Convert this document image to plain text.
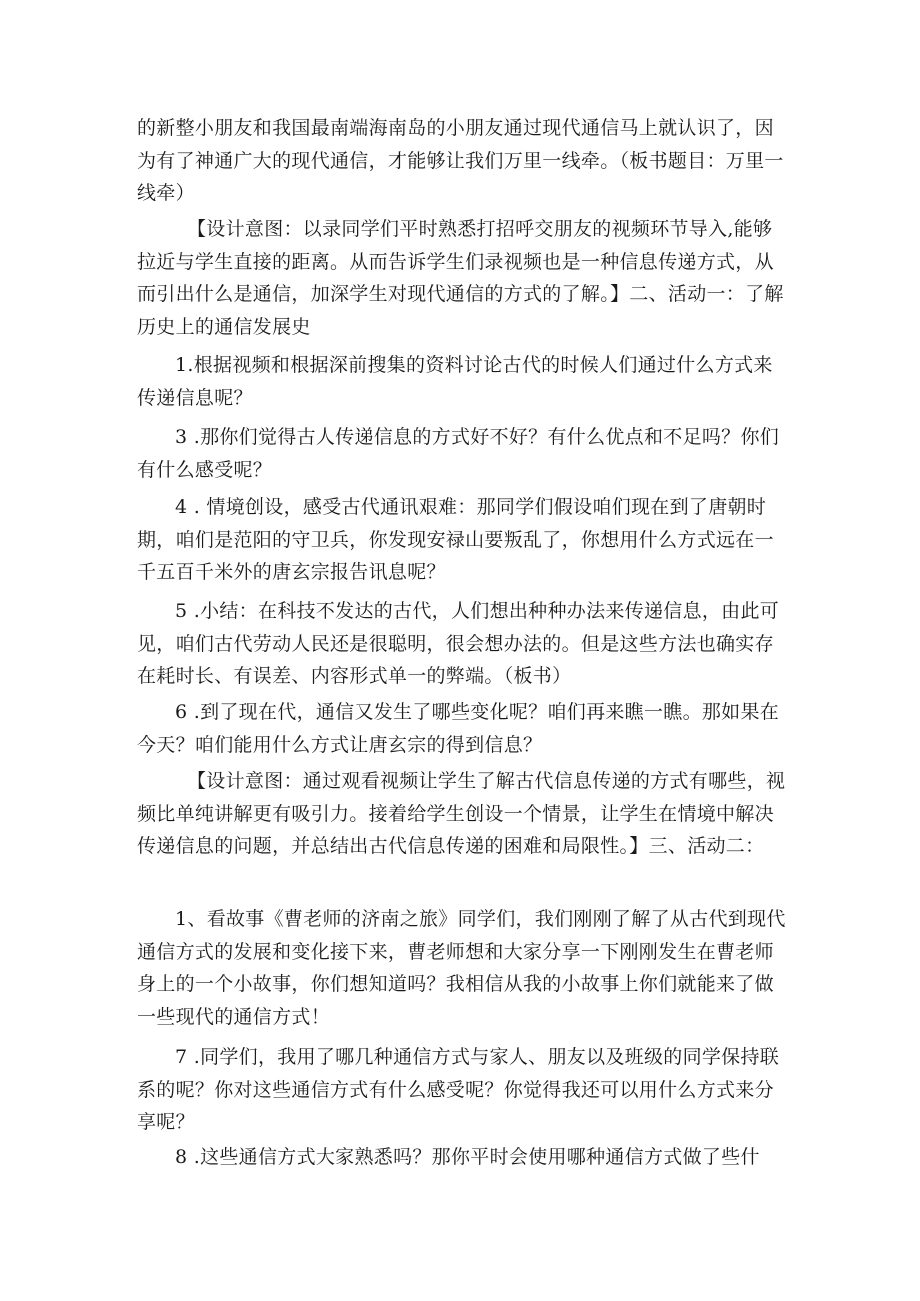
的新整小朋友和我国最南端海南岛的小朋友通过现代通信马上就认识了，因为有了神通广大的现代通信，才能够让我们万里一线牵。（板书题目：万里一线牵）

【设计意图：以录同学们平时熟悉打招呼交朋友的视频环节导入,能够拉近与学生直接的距离。从而告诉学生们录视频也是一种信息传递方式，从而引出什么是通信，加深学生对现代通信的方式的了解。】二、活动一：了解历史上的通信发展史

1.根据视频和根据深前搜集的资料讨论古代的时候人们通过什么方式来传递信息呢？

3 .那你们觉得古人传递信息的方式好不好？有什么优点和不足吗？你们有什么感受呢？

4 . 情境创设，感受古代通讯艰难：那同学们假设咱们现在到了唐朝时期，咱们是范阳的守卫兵，你发现安禄山要叛乱了，你想用什么方式远在一千五百千米外的唐玄宗报告讯息呢？

5 .小结：在科技不发达的古代，人们想出种种办法来传递信息，由此可见，咱们古代劳动人民还是很聪明，很会想办法的。但是这些方法也确实存在耗时长、有误差、内容形式单一的弊端。（板书）

6 .到了现在代，通信又发生了哪些变化呢？咱们再来瞧一瞧。那如果在今天？咱们能用什么方式让唐玄宗的得到信息？

【设计意图：通过观看视频让学生了解古代信息传递的方式有哪些，视频比单纯讲解更有吸引力。接着给学生创设一个情景，让学生在情境中解决传递信息的问题，并总结出古代信息传递的困难和局限性。】三、活动二：

1、看故事《曹老师的济南之旅》同学们，我们刚刚了解了从古代到现代通信方式的发展和变化接下来，曹老师想和大家分享一下刚刚发生在曹老师身上的一个小故事，你们想知道吗？我相信从我的小故事上你们就能来了做一些现代的通信方式！

7 .同学们，我用了哪几种通信方式与家人、朋友以及班级的同学保持联系的呢？你对这些通信方式有什么感受呢？你觉得我还可以用什么方式来分享呢？

8 .这些通信方式大家熟悉吗？那你平时会使用哪种通信方式做了些什
